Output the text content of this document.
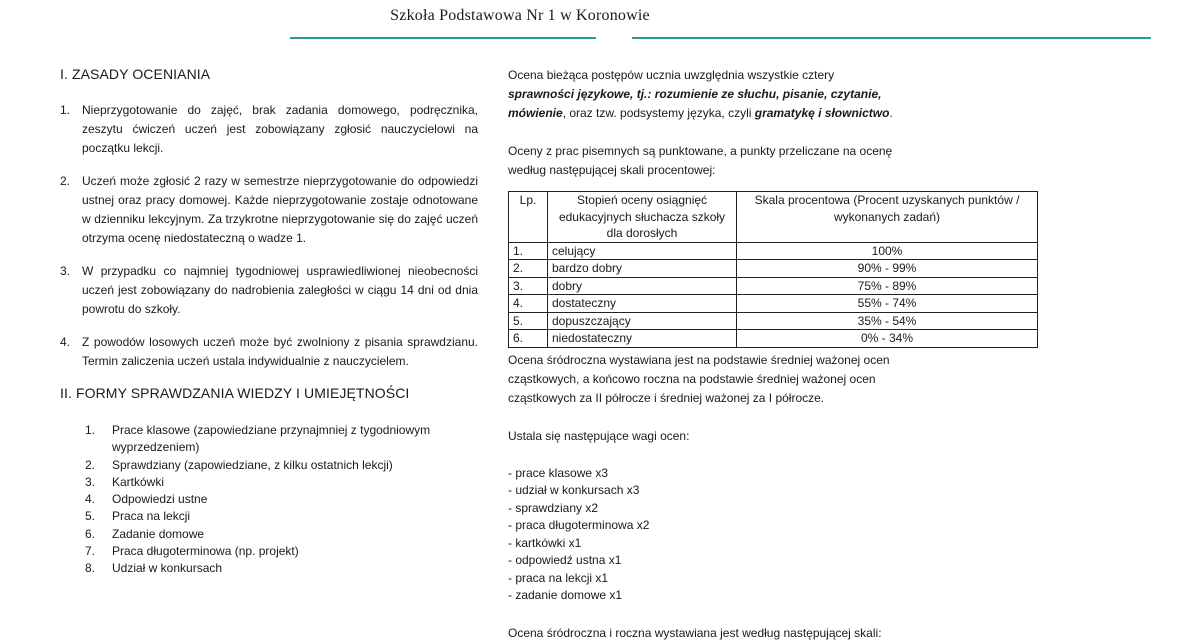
Szkoła Podstawowa Nr 1 w Koronowie
I. ZASADY OCENIANIA
1. Nieprzygotowanie do zajęć, brak zadania domowego, podręcznika, zeszytu ćwiczeń uczeń jest zobowiązany zgłosić nauczycielowi na początku lekcji.
2. Uczeń może zgłosić 2 razy w semestrze nieprzygotowanie do odpowiedzi ustnej oraz pracy domowej. Każde nieprzygotowanie zostaje odnotowane w dzienniku lekcyjnym. Za trzykrotne nieprzygotowanie się do zajęć uczeń otrzyma ocenę niedostateczną o wadze 1.
3. W przypadku co najmniej tygodniowej usprawiedliwionej nieobecności uczeń jest zobowiązany do nadrobienia zaległości w ciągu 14 dni od dnia powrotu do szkoły.
4. Z powodów losowych uczeń może być zwolniony z pisania sprawdzianu. Termin zaliczenia uczeń ustala indywidualnie z nauczycielem.
II. FORMY SPRAWDZANIA WIEDZY I UMIEJĘTNOŚCI
1.	Prace klasowe (zapowiedziane przynajmniej z tygodniowym wyprzedzeniem)
2.	Sprawdziany (zapowiedziane, z kilku ostatnich lekcji)
3.	Kartkówki
4.	Odpowiedzi ustne
5.	Praca na lekcji
6.	Zadanie domowe
7.	Praca długoterminowa (np. projekt)
8.	Udział w konkursach

Ocena bieżąca postępów ucznia uwzględnia wszystkie cztery
sprawności językowe, tj.: rozumienie ze słuchu, pisanie, czytanie,
mówienie, oraz tzw. podsystemy języka, czyli gramatykę i słownictwo.

Oceny z prac pisemnych są punktowane, a punkty przeliczane na ocenę według następującej skali procentowej:

Lp.	Stopień oceny osiągnięć edukacyjnych słuchacza szkoły dla dorosłych	Skala procentowa (Procent uzyskanych punktów / wykonanych zadań)
1.	celujący	100%
2.	bardzo dobry	90% - 99%
3.	dobry	75% - 89%
4.	dostateczny	55% - 74%
5.	dopuszczający	35% - 54%
6.	niedostateczny	0% - 34%

Ocena śródroczna wystawiana jest na podstawie średniej ważonej ocen cząstkowych, a końcowo roczna na podstawie średniej ważonej ocen cząstkowych za II półrocze i średniej ważonej za I półrocze.

Ustala się następujące wagi ocen:

- prace klasowe x3
- udział w konkursach x3
- sprawdziany x2
- praca długoterminowa x2
- kartkówki x1
- odpowiedź ustna x1
- praca na lekcji x1
- zadanie domowe x1

Ocena śródroczna i roczna wystawiana jest według następującej skali:
